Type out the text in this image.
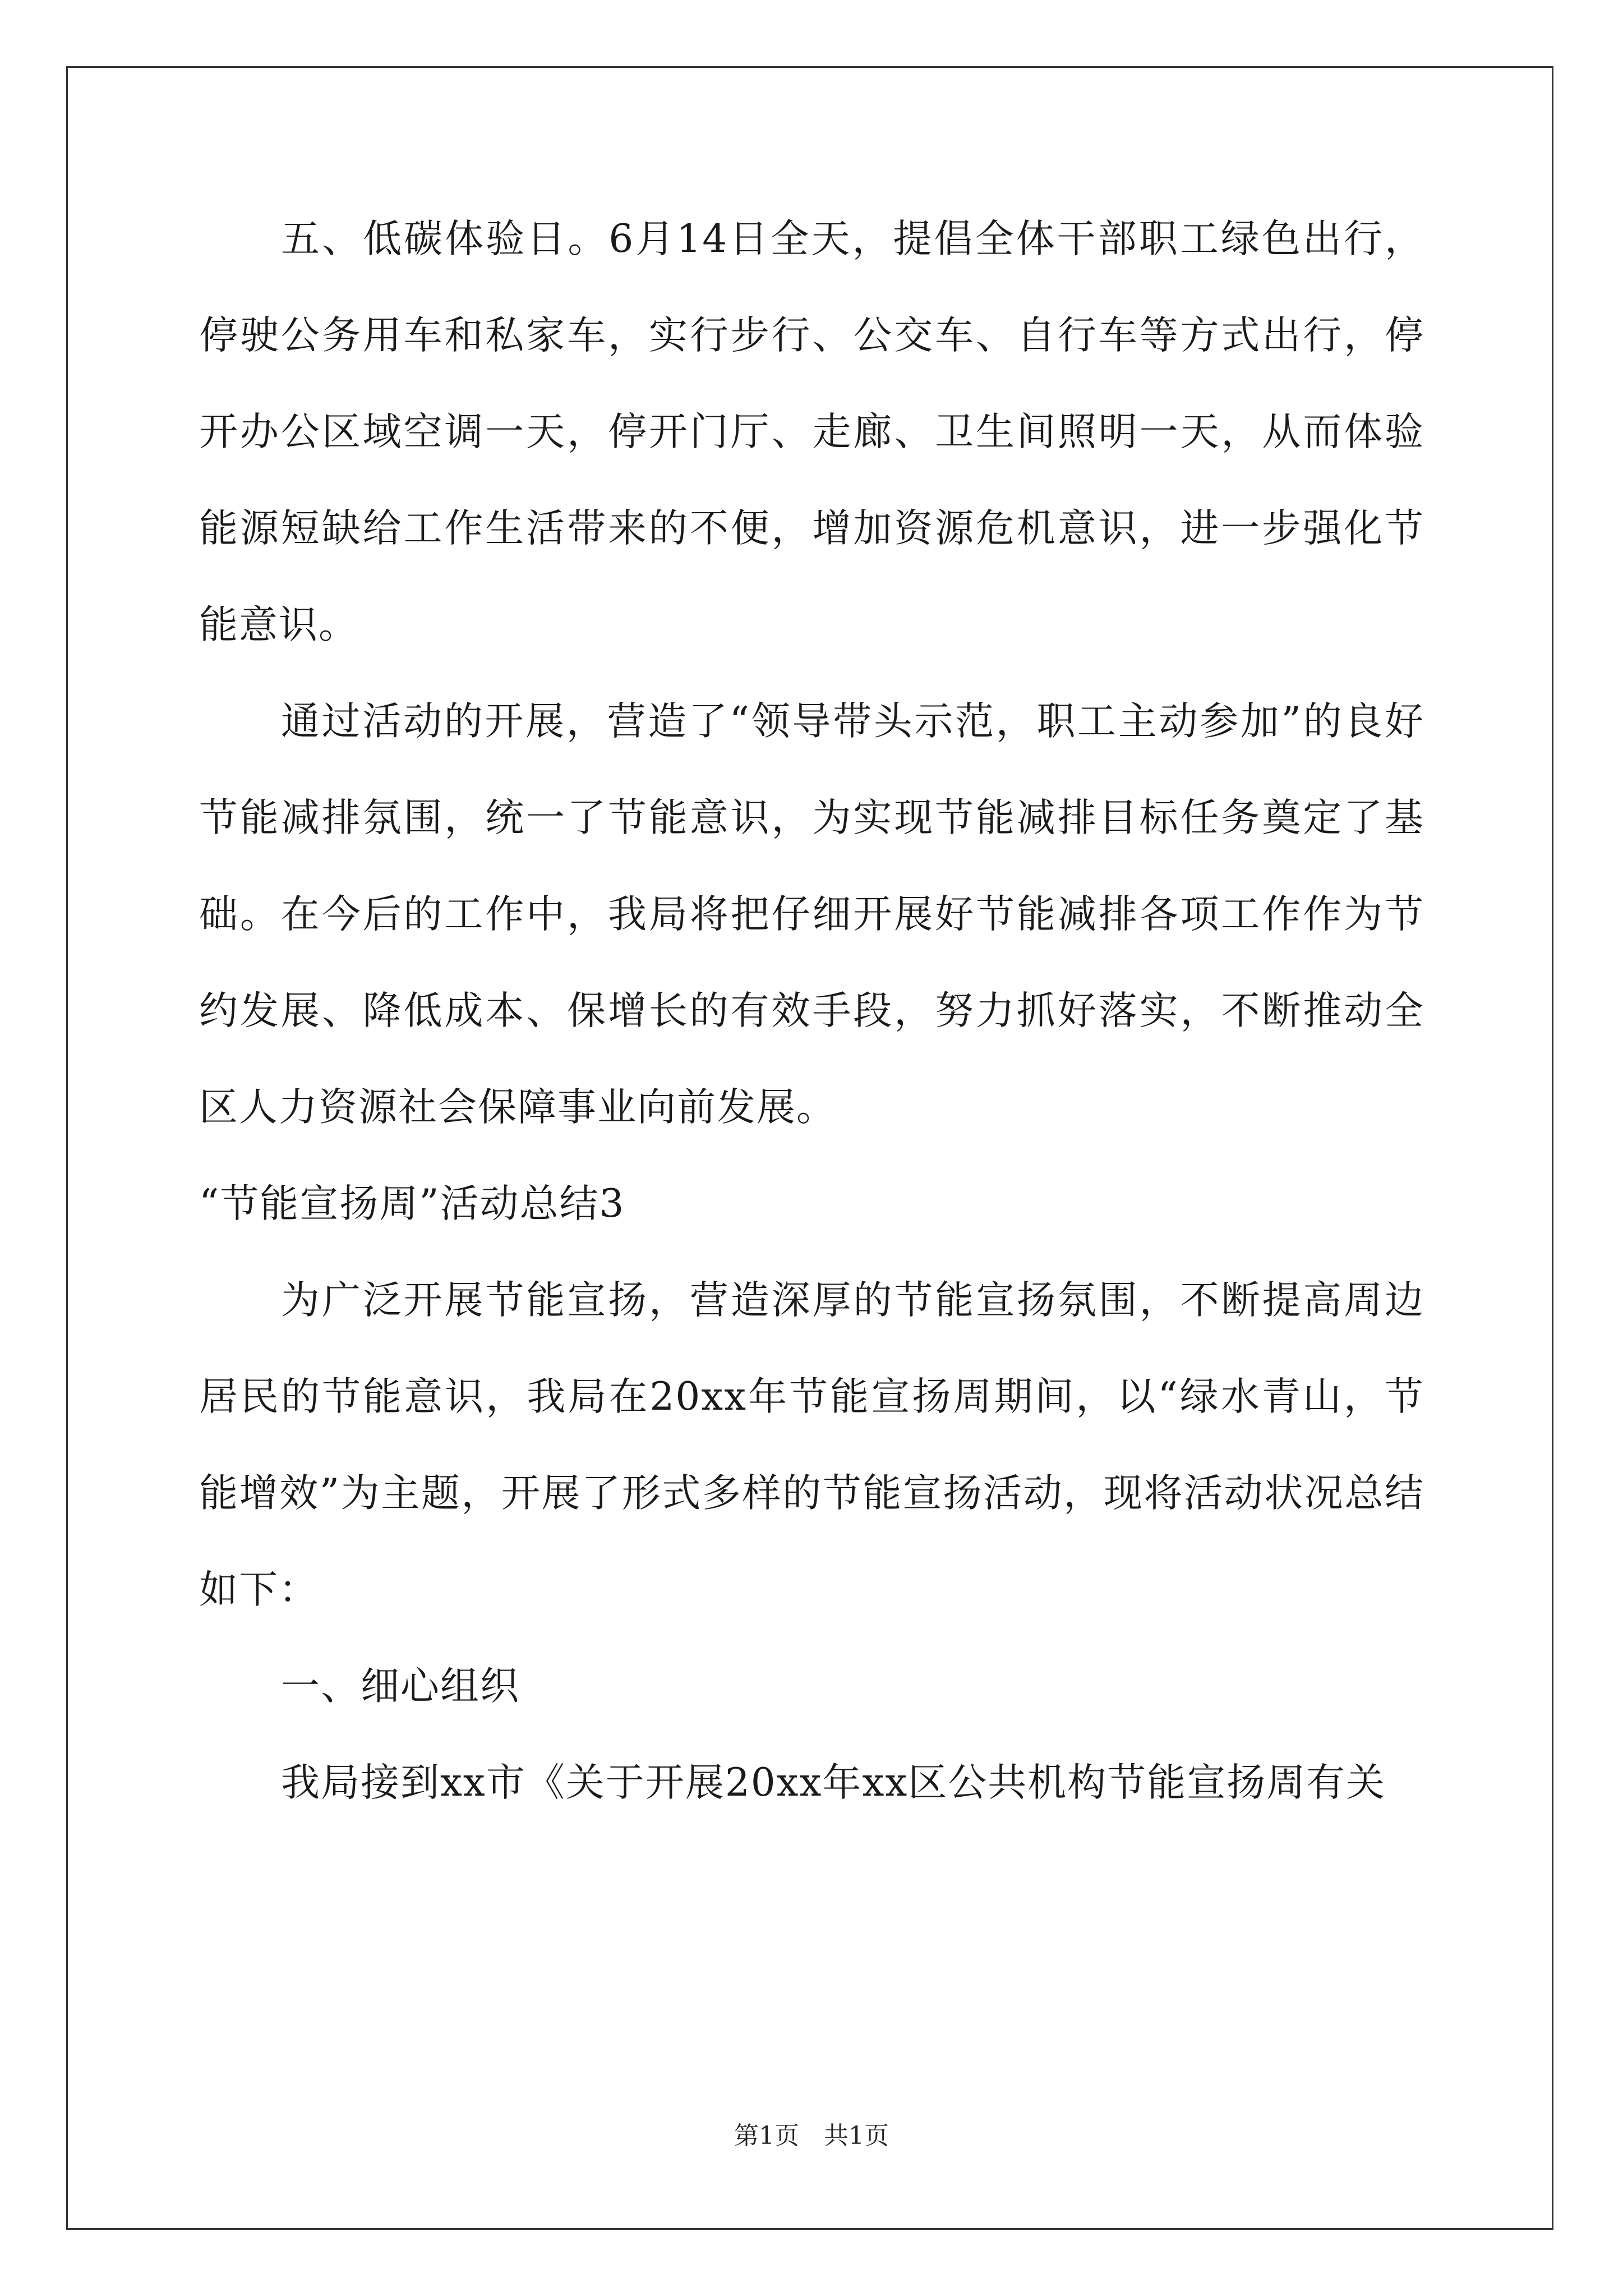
五、低碳体验日。6月14日全天，提倡全体干部职工绿色出行，停驶公务用车和私家车，实行步行、公交车、自行车等方式出行，停开办公区域空调一天，停开门厅、走廊、卫生间照明一天，从而体验能源短缺给工作生活带来的不便，增加资源危机意识，进一步强化节能意识。

通过活动的开展，营造了“领导带头示范，职工主动参加”的良好节能减排氛围，统一了节能意识，为实现节能减排目标任务奠定了基础。在今后的工作中，我局将把仔细开展好节能减排各项工作作为节约发展、降低成本、保增长的有效手段，努力抓好落实，不断推动全区人力资源社会保障事业向前发展。

“节能宣扬周”活动总结3

为广泛开展节能宣扬，营造深厚的节能宣扬氛围，不断提高周边居民的节能意识，我局在20xx年节能宣扬周期间，以“绿水青山，节能增效”为主题，开展了形式多样的节能宣扬活动，现将活动状况总结如下：

一、细心组织

我局接到xx市《关于开展20xx年xx区公共机构节能宣扬周有关

第1页　共1页
